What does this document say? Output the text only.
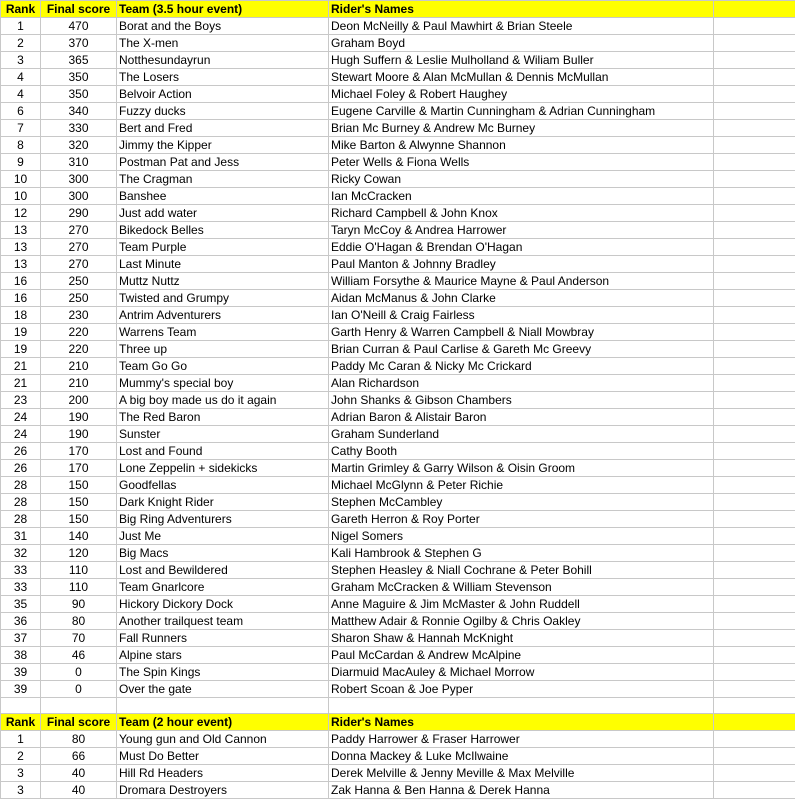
Rank	Final score	Team (3.5 hour event)	Rider's Names	
1	470	Borat and the Boys	Deon McNeilly & Paul Mawhirt & Brian Steele	
2	370	The X-men	Graham Boyd	
3	365	Notthesundayrun	Hugh Suffern & Leslie Mulholland & Wiliam Buller	
4	350	The Losers	Stewart Moore & Alan McMullan & Dennis McMullan	
4	350	Belvoir Action	Michael Foley & Robert Haughey	
6	340	Fuzzy ducks	Eugene Carville & Martin Cunningham & Adrian Cunningham	
7	330	Bert and Fred	Brian Mc Burney & Andrew Mc Burney	
8	320	Jimmy the Kipper	Mike Barton & Alwynne Shannon	
9	310	Postman Pat and Jess	Peter Wells & Fiona Wells	
10	300	The Cragman	Ricky Cowan	
10	300	Banshee	Ian McCracken	
12	290	Just add water	Richard Campbell & John Knox	
13	270	Bikedock Belles	Taryn McCoy & Andrea Harrower	
13	270	Team Purple	Eddie O'Hagan & Brendan O'Hagan	
13	270	Last Minute	Paul Manton & Johnny Bradley	
16	250	Muttz Nuttz	William Forsythe & Maurice Mayne & Paul Anderson	
16	250	Twisted and Grumpy	Aidan McManus & John Clarke	
18	230	Antrim Adventurers	Ian O'Neill & Craig Fairless	
19	220	Warrens Team	Garth Henry & Warren Campbell & Niall Mowbray	
19	220	Three up	Brian Curran & Paul Carlise & Gareth Mc Greevy	
21	210	Team Go Go	Paddy Mc Caran & Nicky Mc Crickard	
21	210	Mummy's special boy	Alan Richardson	
23	200	A big boy made us do it again	John Shanks & Gibson Chambers	
24	190	The Red Baron	Adrian Baron & Alistair Baron	
24	190	Sunster	Graham Sunderland	
26	170	Lost and Found	Cathy Booth	
26	170	Lone Zeppelin + sidekicks	Martin Grimley & Garry Wilson & Oisin Groom	
28	150	Goodfellas	Michael McGlynn & Peter Richie	
28	150	Dark Knight Rider	Stephen McCambley	
28	150	Big Ring Adventurers	Gareth Herron & Roy Porter	
31	140	Just Me	Nigel Somers	
32	120	Big Macs	Kali Hambrook & Stephen G	
33	110	Lost and Bewildered	Stephen Heasley & Niall Cochrane & Peter Bohill	
33	110	Team Gnarlcore	Graham McCracken & William Stevenson	
35	90	Hickory Dickory Dock	Anne Maguire & Jim McMaster & John Ruddell	
36	80	Another trailquest team	Matthew Adair & Ronnie Ogilby & Chris Oakley	
37	70	Fall Runners	Sharon Shaw & Hannah McKnight	
38	46	Alpine stars	Paul McCardan & Andrew McAlpine	
39	0	The Spin Kings	Diarmuid MacAuley & Michael Morrow	
39	0	Over the gate	Robert Scoan & Joe Pyper	

Rank	Final score	Team (2 hour event)	Rider's Names	
1	80	Young gun and Old Cannon	Paddy Harrower & Fraser Harrower	
2	66	Must Do Better	Donna Mackey & Luke McIlwaine	
3	40	Hill Rd Headers	Derek Melville & Jenny Meville & Max Melville	
3	40	Dromara Destroyers	Zak Hanna & Ben Hanna & Derek Hanna	
